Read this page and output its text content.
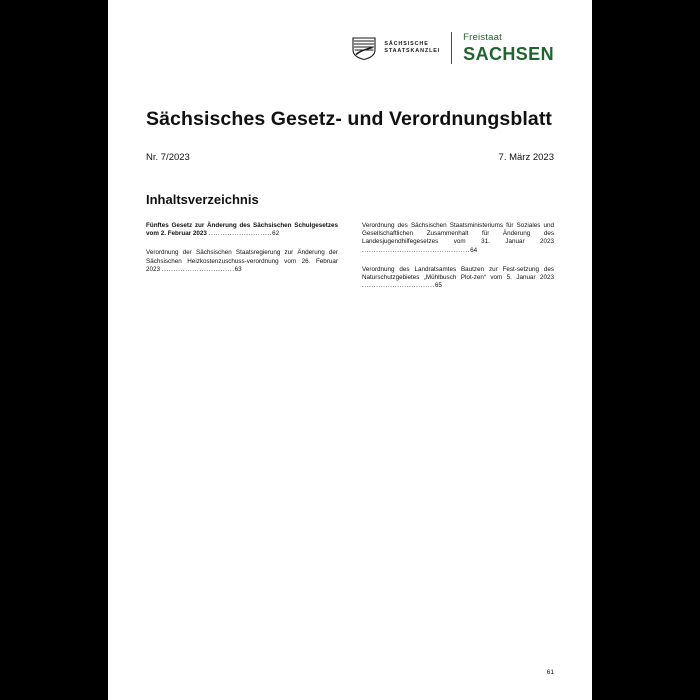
SÄCHSISCHE
STAATSKANZLEI
Freistaat
SACHSEN
Sächsisches Gesetz- und Verordnungsblatt
Nr. 7/2023	7. März 2023
Inhaltsverzeichnis
Fünftes Gesetz zur Änderung des Sächsischen Schulgesetzes vom 2. Februar 2023 ...........................62
Verordnung der Sächsischen Staatsregierung zur Änderung der Sächsischen Heizkostenzuschuss-verordnung vom 26. Februar 2023 ...............................63
Verordnung des Sächsischen Staatsministeriums für Soziales und Gesellschaftlichen Zusammenhalt für Änderung des Landesjugendhilfegesetzes vom 31. Januar 2023 ..............................................64
Verordnung des Landratsamtes Bautzen zur Fest-setzung des Naturschutzgebietes „Mühlbusch Plot-zen“ vom 5. Januar 2023 ...............................65
61
